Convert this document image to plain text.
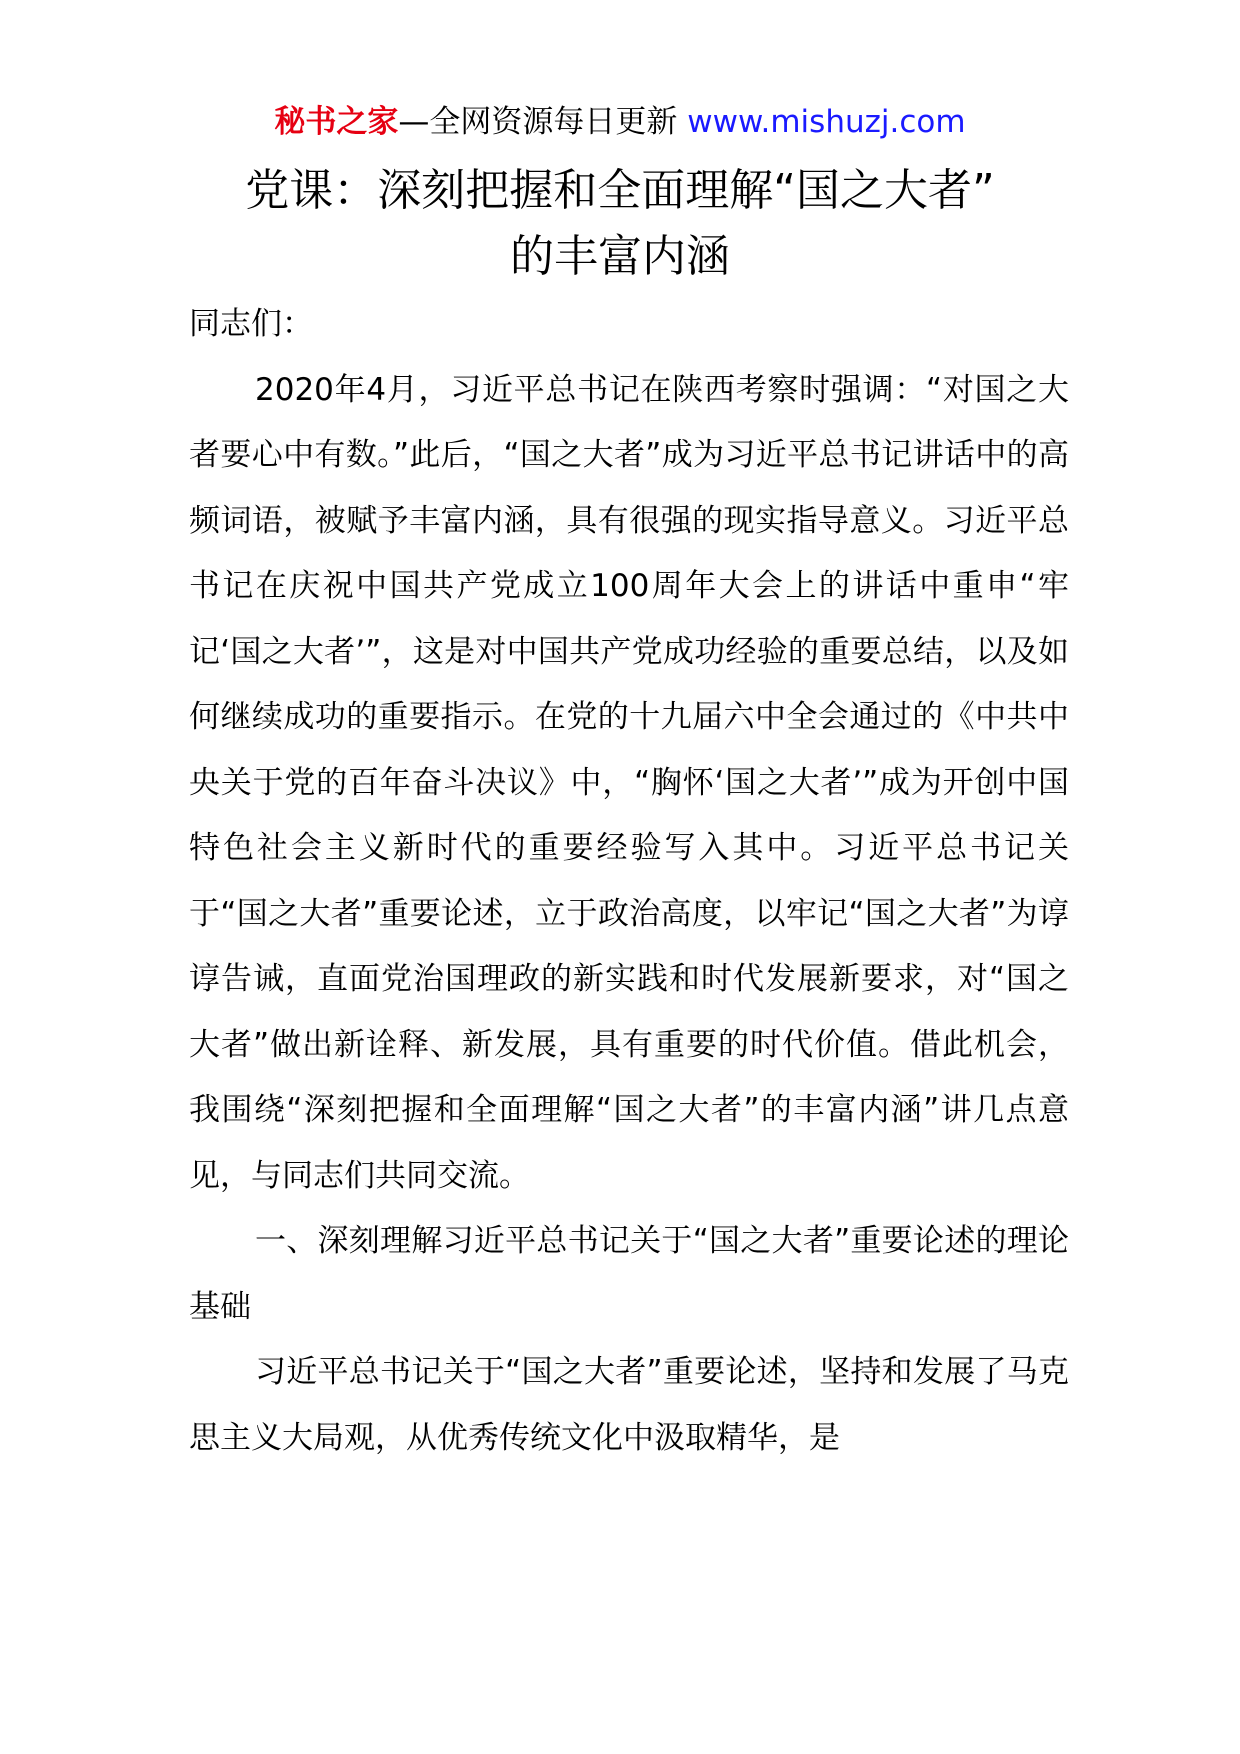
秘书之家—全网资源每日更新 www.mishuzj.com
党课：深刻把握和全面理解“国之大者”
的丰富内涵

同志们：

2020年4月，习近平总书记在陕西考察时强调：“对国之大者要心中有数。”此后，“国之大者”成为习近平总书记讲话中的高频词语，被赋予丰富内涵，具有很强的现实指导意义。习近平总书记在庆祝中国共产党成立100周年大会上的讲话中重申“牢记‘国之大者’”，这是对中国共产党成功经验的重要总结，以及如何继续成功的重要指示。在党的十九届六中全会通过的《中共中央关于党的百年奋斗决议》中，“胸怀‘国之大者’”成为开创中国特色社会主义新时代的重要经验写入其中。习近平总书记关于“国之大者”重要论述，立于政治高度，以牢记“国之大者”为谆谆告诫，直面党治国理政的新实践和时代发展新要求，对“国之大者”做出新诠释、新发展，具有重要的时代价值。借此机会，我围绕“深刻把握和全面理解“国之大者”的丰富内涵”讲几点意见，与同志们共同交流。

一、深刻理解习近平总书记关于“国之大者”重要论述的理论基础

习近平总书记关于“国之大者”重要论述，坚持和发展了马克思主义大局观，从优秀传统文化中汲取精华，是
